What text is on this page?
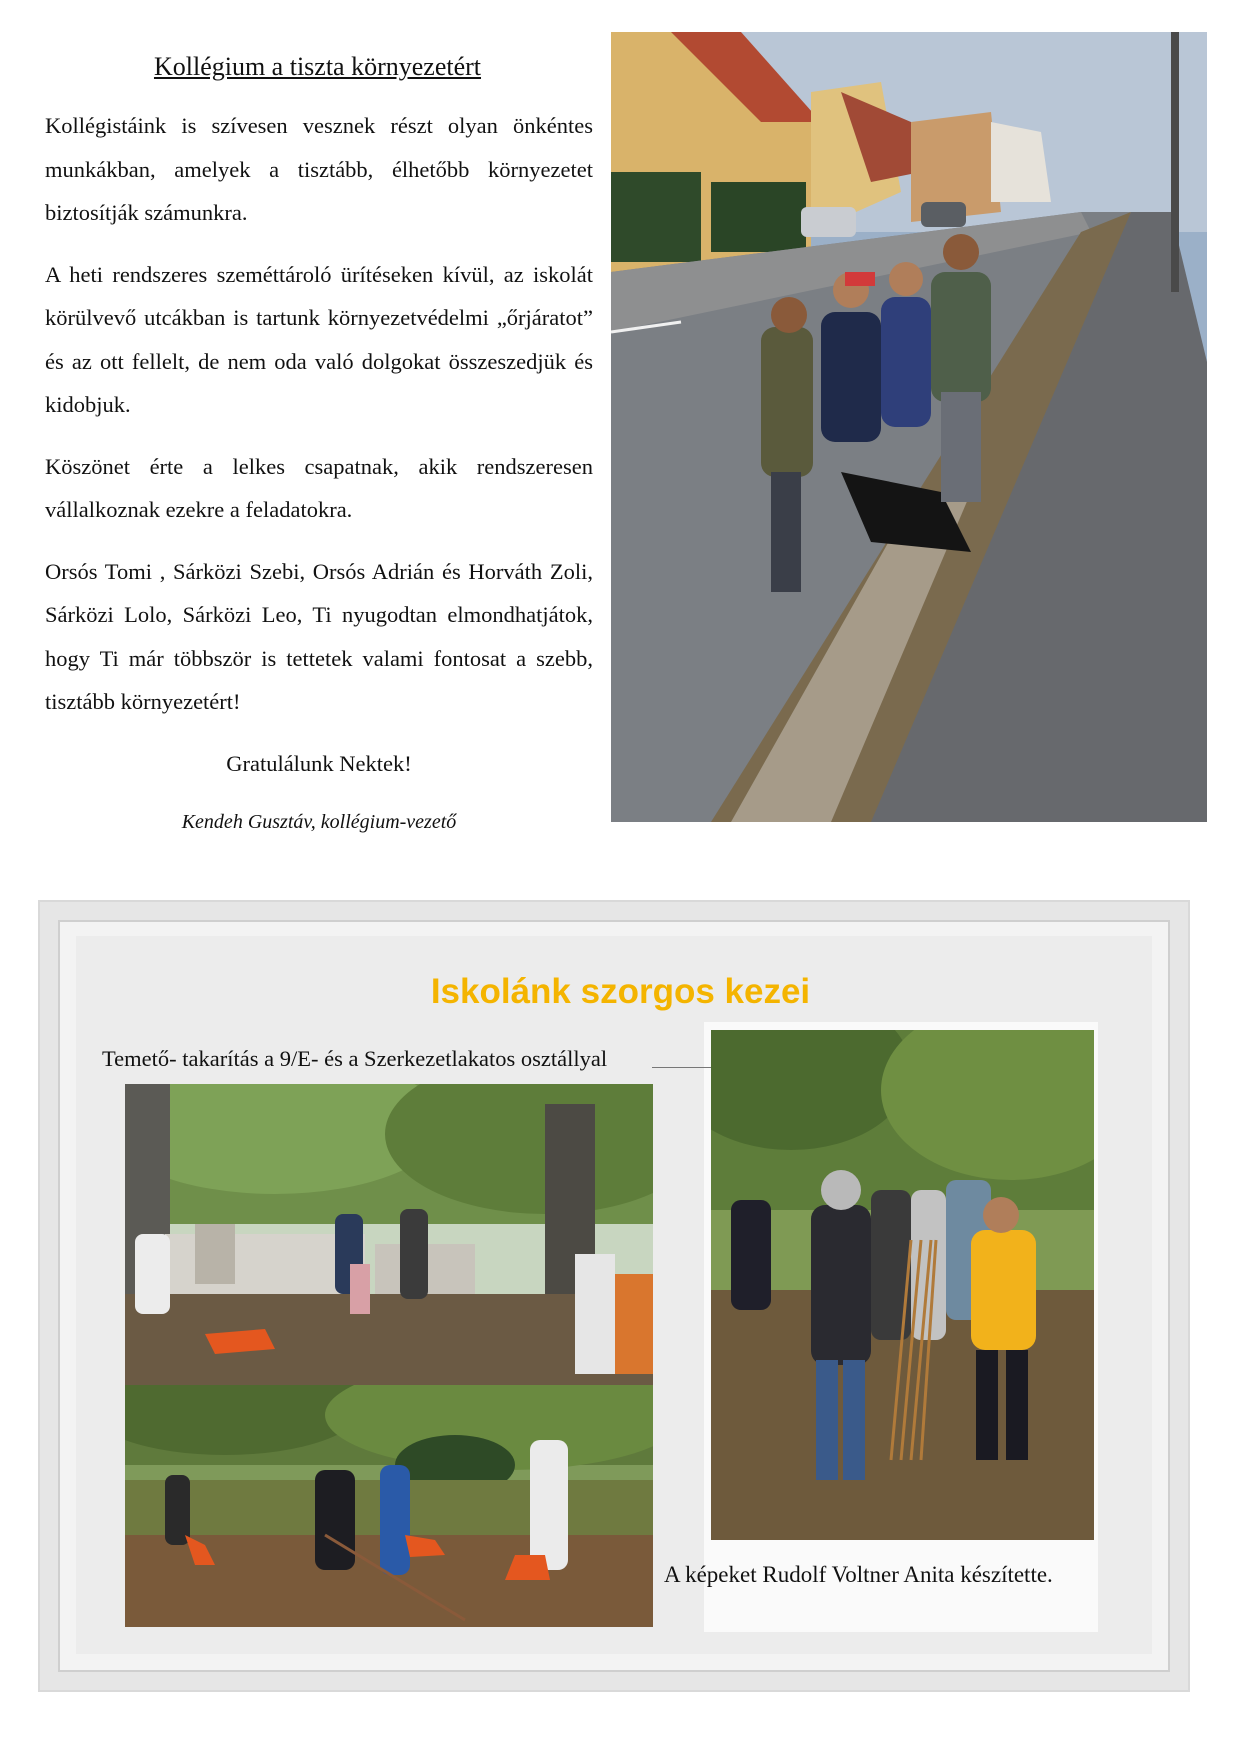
Kollégium a tiszta környezetért

Kollégistáink is szívesen vesznek részt olyan önkéntes munkákban, amelyek a tisztább, élhetőbb környezetet biztosítják számunkra.

A heti rendszeres szeméttároló ürítéseken kívül, az iskolát körülvevő utcákban is tartunk környezetvédelmi „őrjáratot” és az ott fellelt, de nem oda való dolgokat összeszedjük és kidobjuk.

Köszönet érte a lelkes csapatnak, akik rendszeresen vállalkoznak ezekre a feladatokra.

Orsós Tomi , Sárközi Szebi, Orsós Adrián és Horváth Zoli, Sárközi Lolo, Sárközi Leo, Ti nyugodtan elmondhatjátok, hogy Ti már többször is tettetek valami fontosat a szebb, tisztább környezetért!

Gratulálunk Nektek!

Kendeh Gusztáv, kollégium-vezető

Iskolánk szorgos kezei
Temető- takarítás a 9/E- és a Szerkezetlakatos osztállyal
A képeket Rudolf Voltner Anita készítette.
